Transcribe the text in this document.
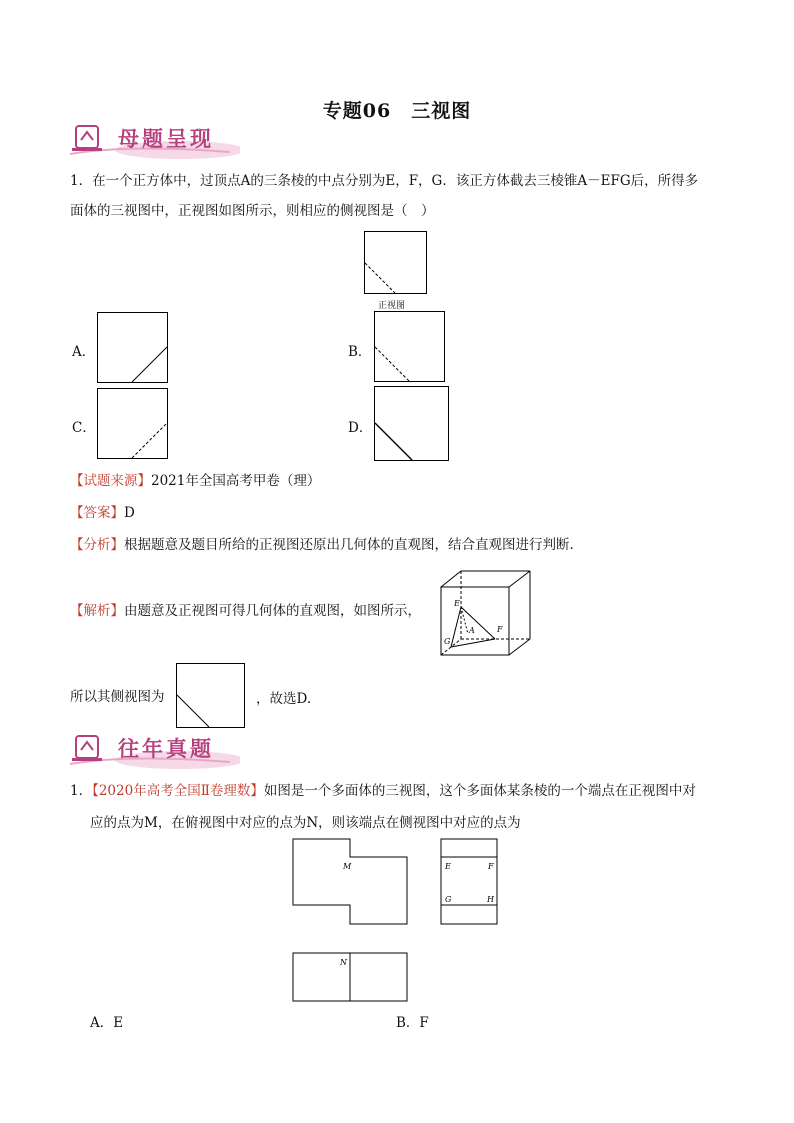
专题06　三视图
母题呈现
1．在一个正方体中，过顶点A的三条棱的中点分别为E，F，G．该正方体截去三棱锥A－EFG后，所得多
面体的三视图中，正视图如图所示，则相应的侧视图是（　）
正视图
A．	B．
C．	D．
【试题来源】2021年全国高考甲卷（理）
【答案】D
【分析】根据题意及题目所给的正视图还原出几何体的直观图，结合直观图进行判断．
【解析】由题意及正视图可得几何体的直观图，如图所示，	E
A	F
G
所以其侧视图为	，故选D.
往年真题
1．【2020年高考全国Ⅱ卷理数】如图是一个多面体的三视图，这个多面体某条棱的一个端点在正视图中对
应的点为M，在俯视图中对应的点为N，则该端点在侧视图中对应的点为
M	E	F
G	H
N
A．E	B．F
